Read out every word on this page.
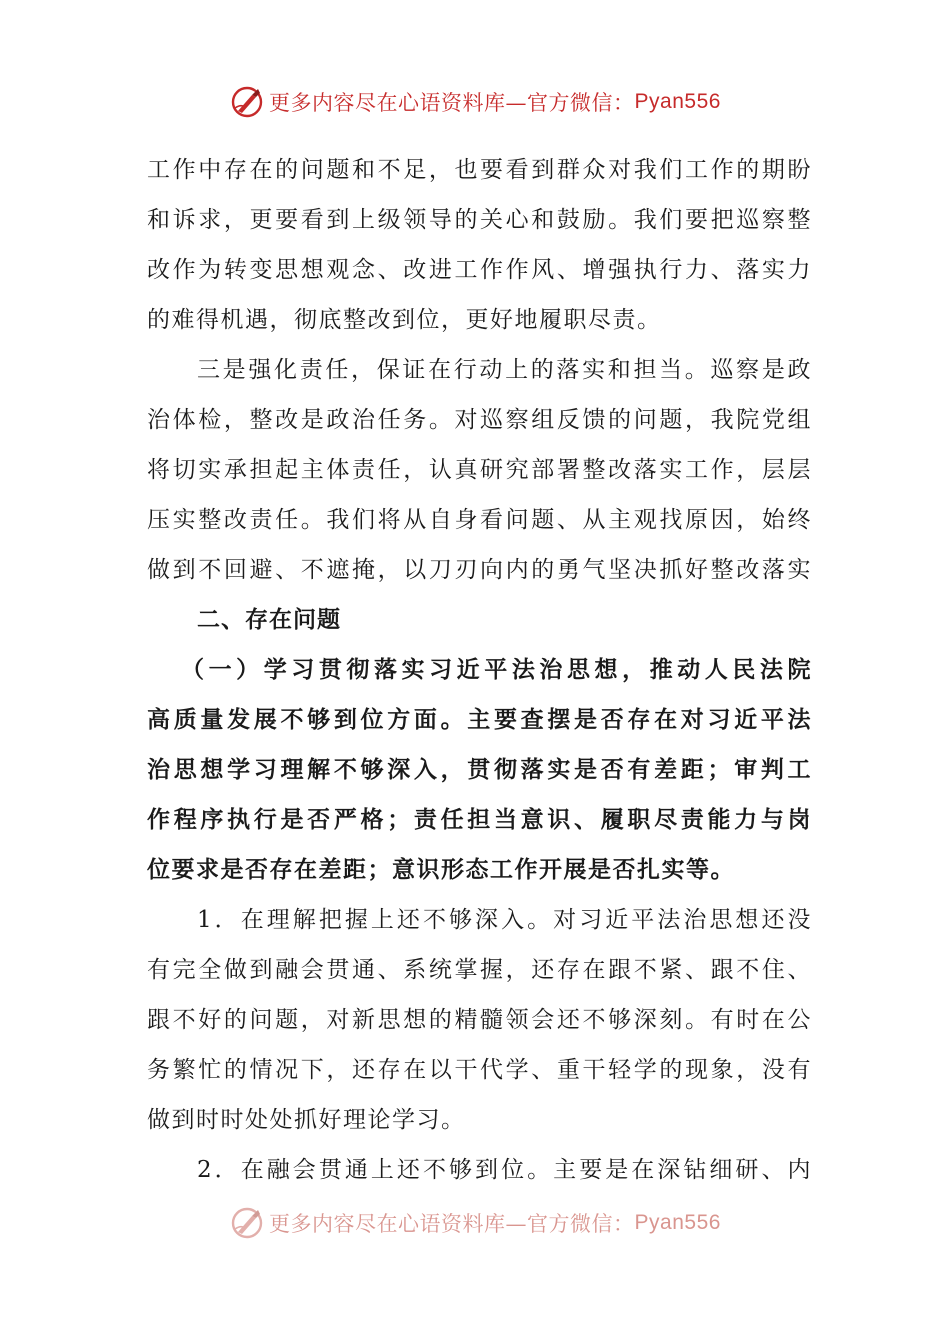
更多内容尽在心语资料库—官方微信： Pyan556
工作中存在的问题和不足，也要看到群众对我们工作的期盼
和诉求，更要看到上级领导的关心和鼓励。我们要把巡察整
改作为转变思想观念、改进工作作风、增强执行力、落实力
的难得机遇，彻底整改到位，更好地履职尽责。
三是强化责任，保证在行动上的落实和担当。巡察是政
治体检，整改是政治任务。对巡察组反馈的问题，我院党组
将切实承担起主体责任，认真研究部署整改落实工作，层层
压实整改责任。我们将从自身看问题、从主观找原因，始终
做到不回避、不遮掩，以刀刃向内的勇气坚决抓好整改落实
二、存在问题
（一）学习贯彻落实习近平法治思想，推动人民法院
高质量发展不够到位方面。主要查摆是否存在对习近平法
治思想学习理解不够深入，贯彻落实是否有差距；审判工
作程序执行是否严格；责任担当意识、履职尽责能力与岗
位要求是否存在差距；意识形态工作开展是否扎实等。
1．在理解把握上还不够深入。对习近平法治思想还没
有完全做到融会贯通、系统掌握，还存在跟不紧、跟不住、
跟不好的问题，对新思想的精髓领会还不够深刻。有时在公
务繁忙的情况下，还存在以干代学、重干轻学的现象，没有
做到时时处处抓好理论学习。
2．在融会贯通上还不够到位。主要是在深钻细研、内
更多内容尽在心语资料库—官方微信： Pyan556
